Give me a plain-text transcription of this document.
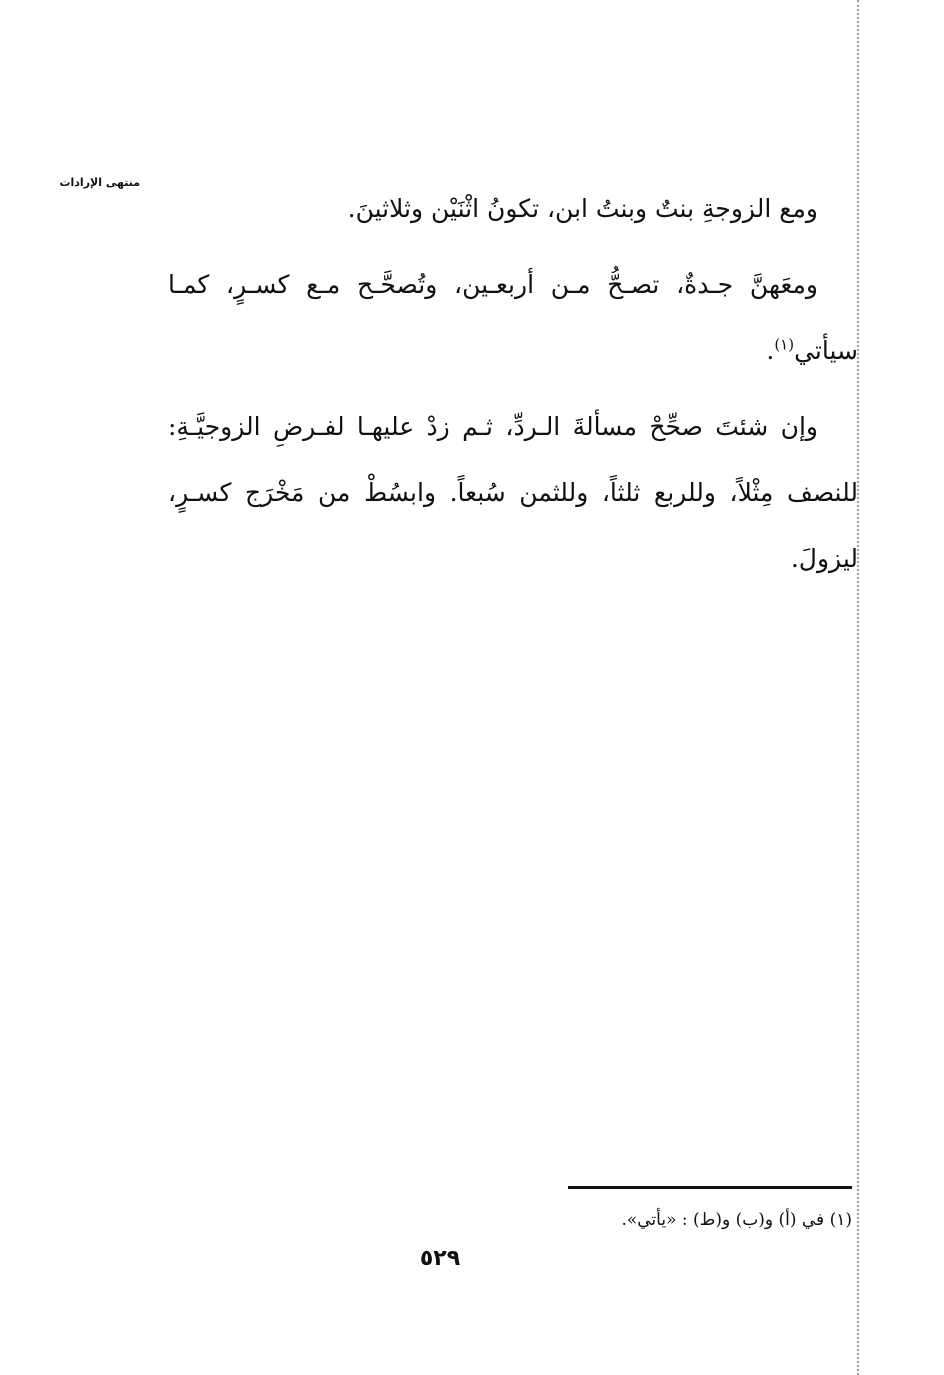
منتهى الإرادات

ومع الزوجةِ بنتٌ وبنتُ ابن، تكونُ اثْنَيْن وثلاثينَ.

ومعَهنَّ جـدةٌ، تصـحُّ مـن أربعـين، وتُصحَّـح مـع كسـرٍ، كمـا سيأتي$^{(١)}$.

وإن شئتَ صحِّحْ مسألةَ الـردِّ، ثـم زدْ عليهـا لفـرضِ الزوجيَّـةِ: للنصف مِثْلاً، وللربع ثلثاً، وللثمن سُبعاً. وابسُطْ من مَخْرَج كسـرٍ، ليزولَ.

(١) في (أ) و(ب) و(ط) : «يأتي».
٥٢٩
